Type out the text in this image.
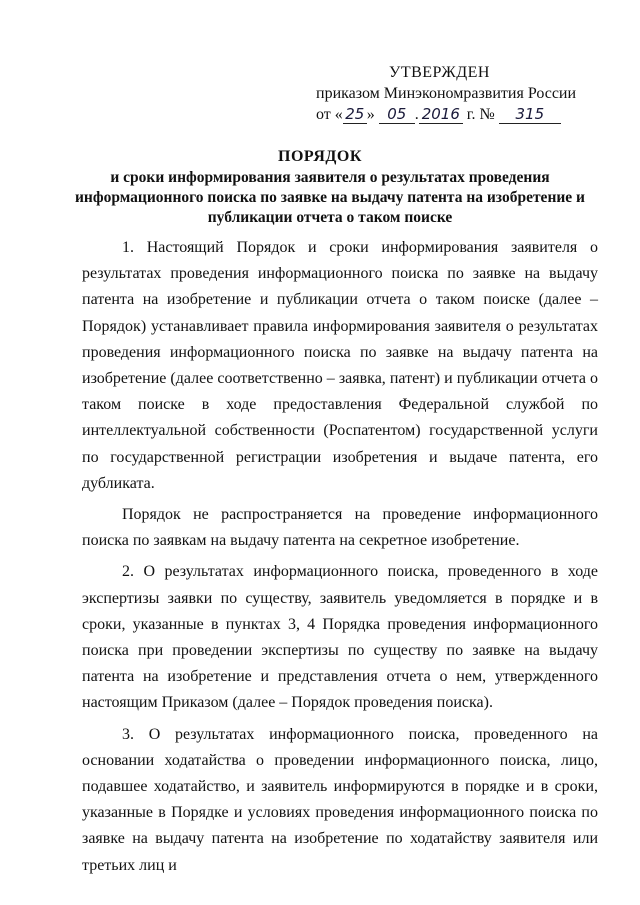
УТВЕРЖДЕН
приказом Минэкономразвития России
от « 25 » 05 . 2016 г. № 315
ПОРЯДОК
и сроки информирования заявителя о результатах проведения информационного поиска по заявке на выдачу патента на изобретение и публикации отчета о таком поиске

1. Настоящий Порядок и сроки информирования заявителя о результатах проведения информационного поиска по заявке на выдачу патента на изобретение и публикации отчета о таком поиске (далее – Порядок) устанавливает правила информирования заявителя о результатах проведения информационного поиска по заявке на выдачу патента на изобретение (далее соответственно – заявка, патент) и публикации отчета о таком поиске в ходе предоставления Федеральной службой по интеллектуальной собственности (Роспатентом) государственной услуги по государственной регистрации изобретения и выдаче патента, его дубликата.

Порядок не распространяется на проведение информационного поиска по заявкам на выдачу патента на секретное изобретение.

2. О результатах информационного поиска, проведенного в ходе экспертизы заявки по существу, заявитель уведомляется в порядке и в сроки, указанные в пунктах 3, 4 Порядка проведения информационного поиска при проведении экспертизы по существу по заявке на выдачу патента на изобретение и представления отчета о нем, утвержденного настоящим Приказом (далее – Порядок проведения поиска).

3. О результатах информационного поиска, проведенного на основании ходатайства о проведении информационного поиска, лицо, подавшее ходатайство, и заявитель информируются в порядке и в сроки, указанные в Порядке и условиях проведения информационного поиска по заявке на выдачу патента на изобретение по ходатайству заявителя или третьих лиц и
